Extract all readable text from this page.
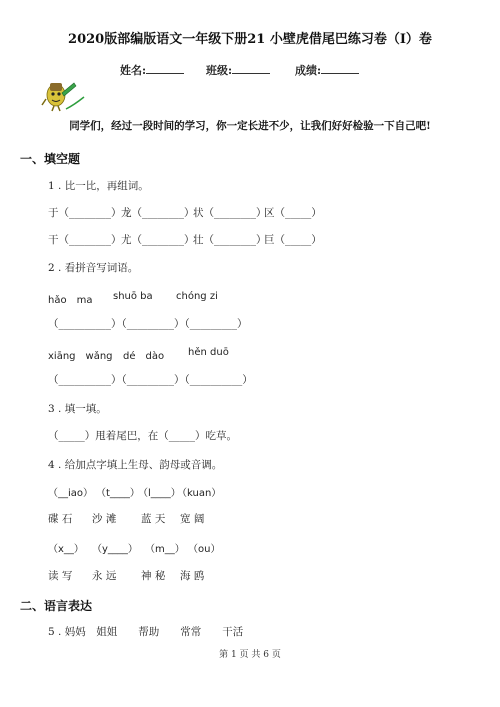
2020版部编版语文一年级下册21 小壁虎借尾巴练习卷（I）卷
姓名:	班级:	成绩:
同学们，经过一段时间的学习，你一定长进不少，让我们好好检验一下自己吧!
一、填空题
1 . 比一比，再组词。
于（________） 龙（________）
状（________）
区（_____）
干（________） 尤（________）
壮（________）
巨（_____）
2 . 看拼音写词语。
hǎo　ma shuō ba chóng zi
（__________）（_________）（_________）
xiāng　wǎng dé　dào hěn duō
（__________）（_________）（__________）
3 . 填一填。
（_____）甩着尾巴，在（_____）吃草。
4 . 给加点字填上生母、韵母或音调。
（__iao） （t____）
（l____）
（kuan）
碟 石 沙 滩 蓝 天 宽 阔
（x__） （y____） （m__） （ou）
读 写 永 远 神 秘 海 鸥
二、语言表达
5 . 妈妈　姐姐　　帮助　　常常　　干活
第 1 页 共 6 页
